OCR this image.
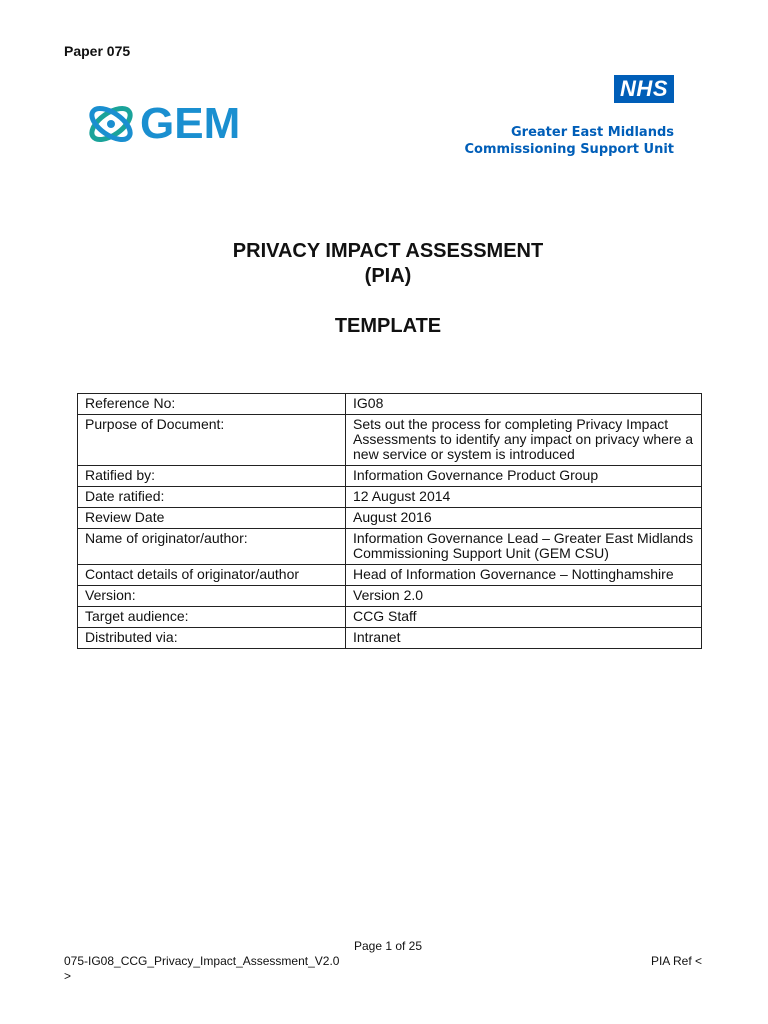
Paper 075
GEM
NHS
Greater East Midlands
Commissioning Support Unit
PRIVACY IMPACT ASSESSMENT
(PIA)
TEMPLATE
Reference No:	IG08
Purpose of Document:	Sets out the process for completing Privacy Impact Assessments to identify any impact on privacy where a new service or system is introduced
Ratified by:	Information Governance Product Group
Date ratified:	12 August 2014
Review Date	August 2016
Name of originator/author:	Information Governance Lead – Greater East Midlands Commissioning Support Unit (GEM CSU)
Contact details of originator/author	Head of Information Governance – Nottinghamshire
Version:	Version 2.0
Target audience:	CCG Staff
Distributed via:	Intranet
Page 1 of 25
075-IG08_CCG_Privacy_Impact_Assessment_V2.0	PIA Ref <
>
